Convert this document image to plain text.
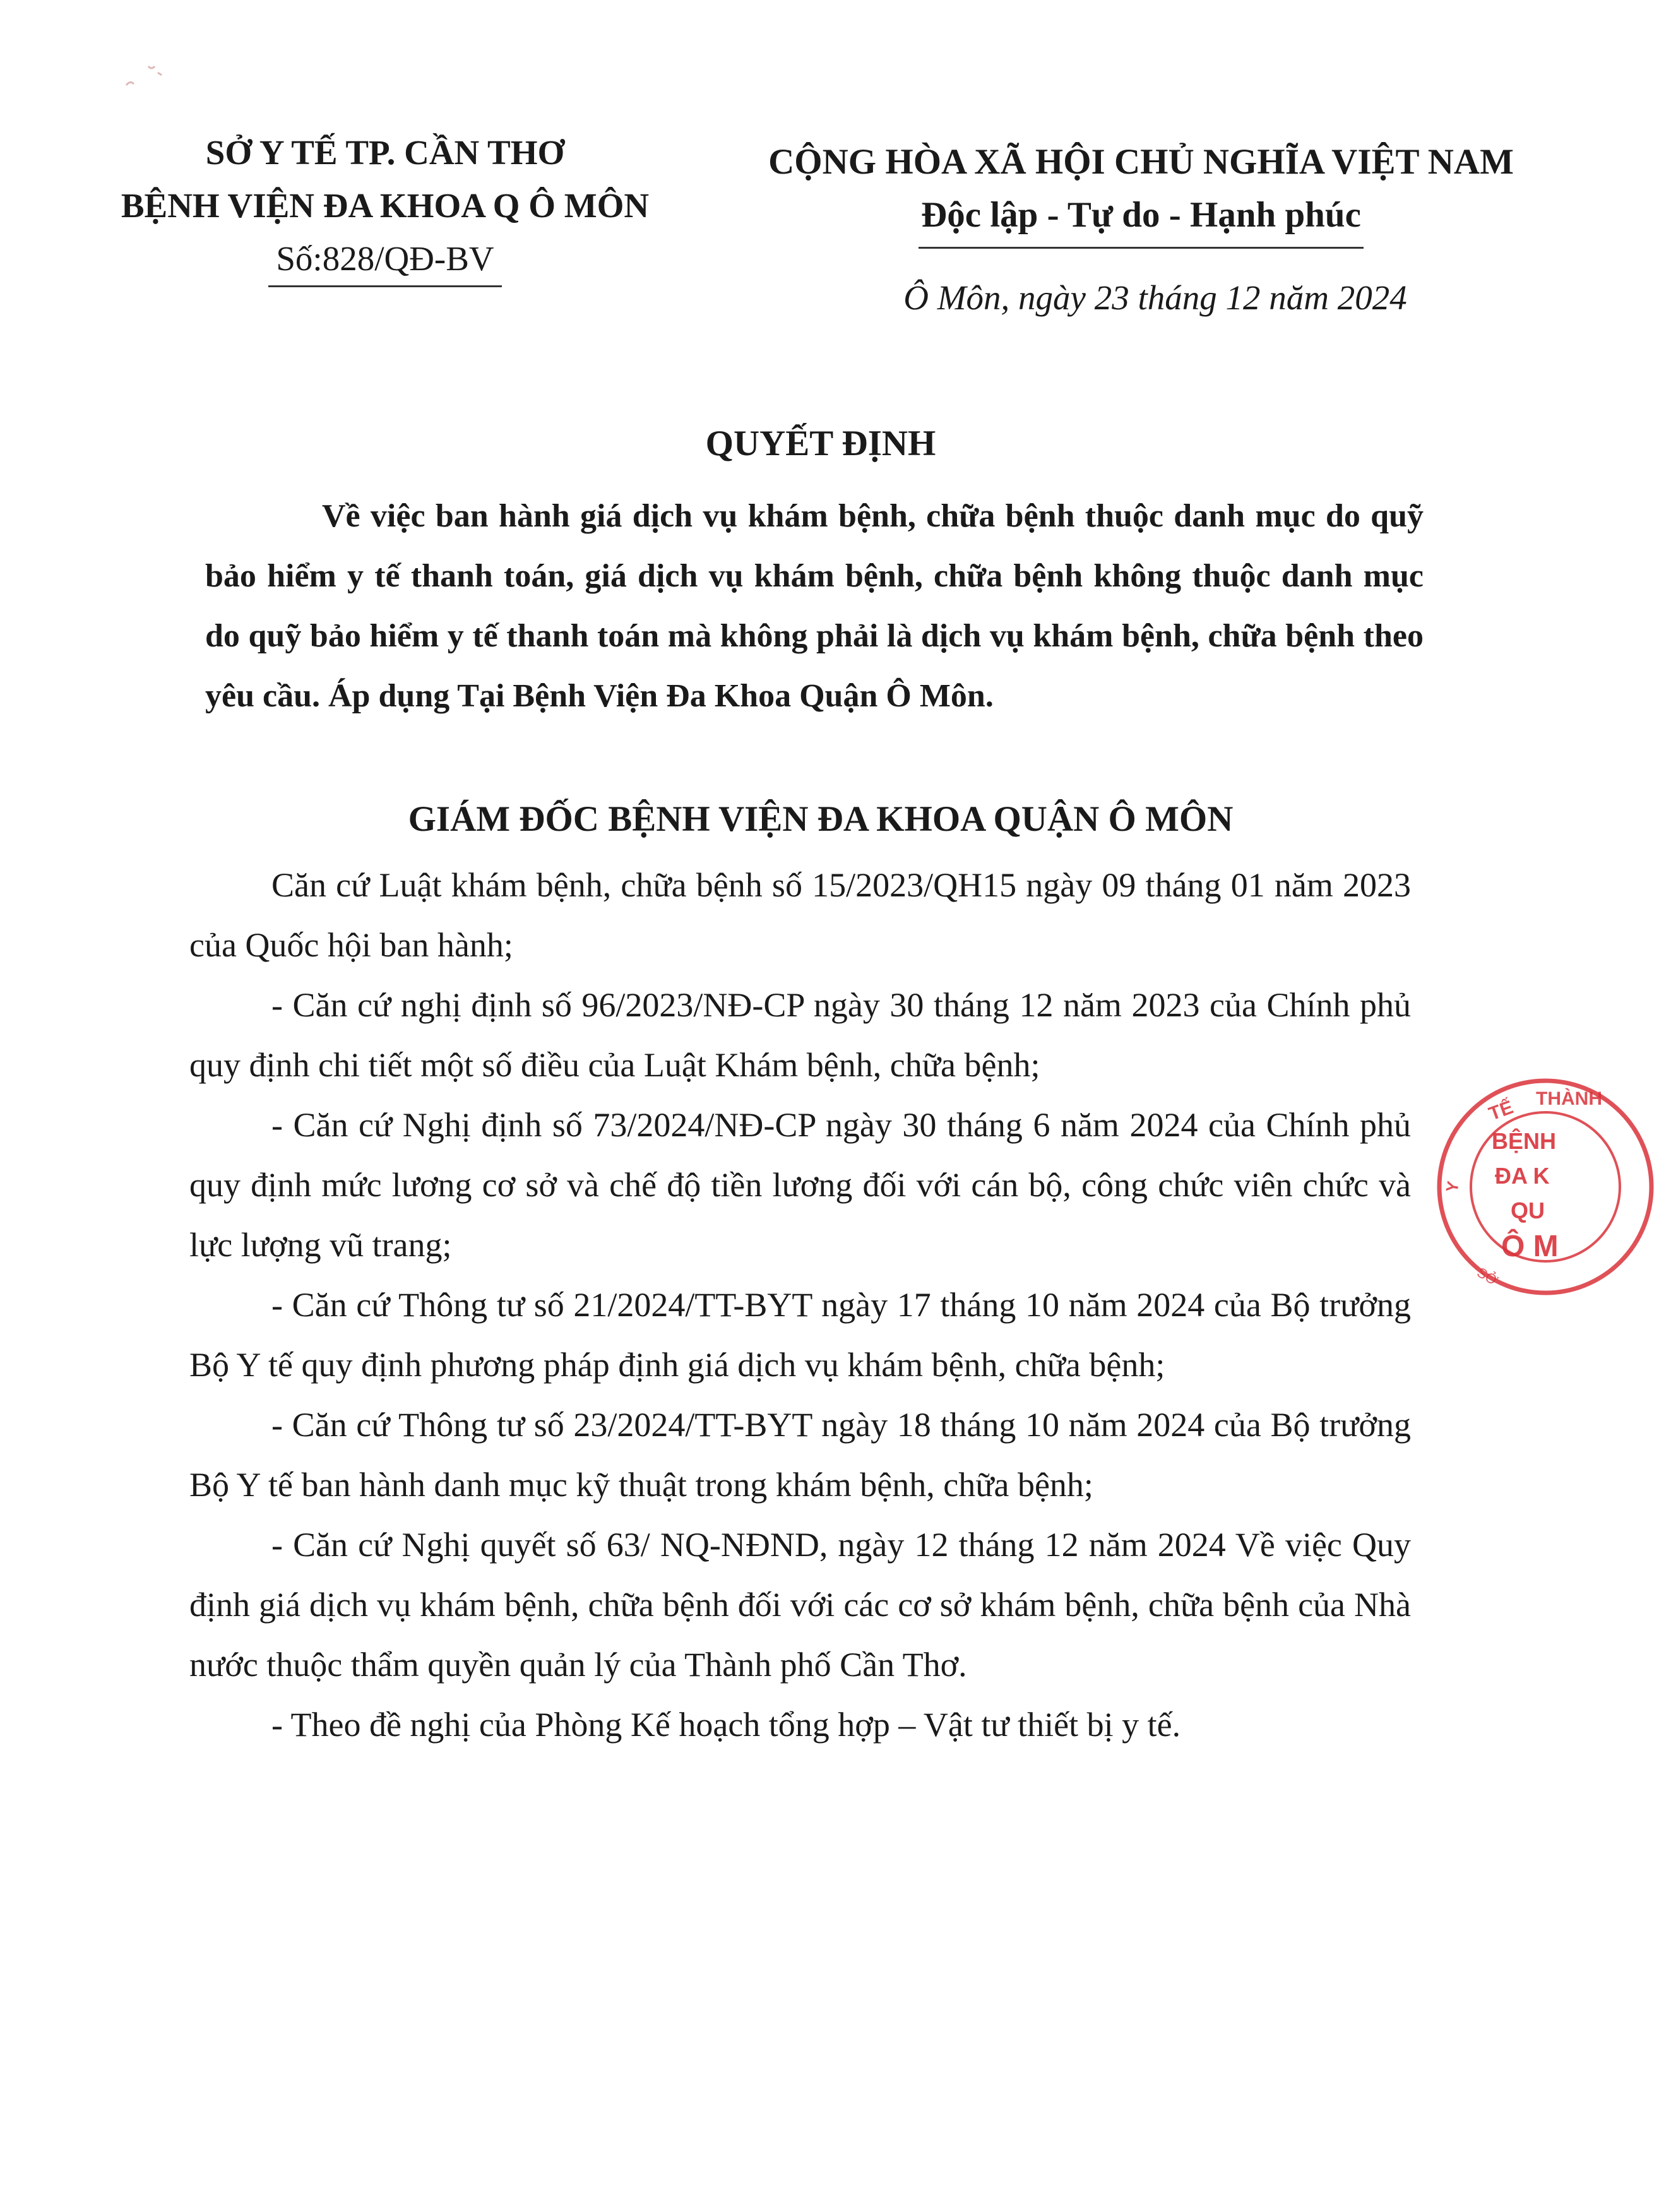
SỞ Y TẾ TP. CẦN THƠ
BỆNH VIỆN ĐA KHOA Q Ô MÔN
Số:828/QĐ-BV
CỘNG HÒA XÃ HỘI CHỦ NGHĨA VIỆT NAM
Độc lập - Tự do - Hạnh phúc
Ô Môn, ngày 23 tháng 12 năm 2024
QUYẾT ĐỊNH
Về việc ban hành giá dịch vụ khám bệnh, chữa bệnh thuộc danh mục do quỹ bảo hiểm y tế thanh toán, giá dịch vụ khám bệnh, chữa bệnh không thuộc danh mục do quỹ bảo hiểm y tế thanh toán mà không phải là dịch vụ khám bệnh, chữa bệnh theo yêu cầu. Áp dụng Tại Bệnh Viện Đa Khoa Quận Ô Môn.
GIÁM ĐỐC BỆNH VIỆN ĐA KHOA QUẬN Ô MÔN

Căn cứ Luật khám bệnh, chữa bệnh số 15/2023/QH15 ngày 09 tháng 01 năm 2023 của Quốc hội ban hành;

- Căn cứ nghị định số 96/2023/NĐ-CP ngày 30 tháng 12 năm 2023 của Chính phủ quy định chi tiết một số điều của Luật Khám bệnh, chữa bệnh;

- Căn cứ Nghị định số 73/2024/NĐ-CP ngày 30 tháng 6 năm 2024 của Chính phủ quy định mức lương cơ sở và chế độ tiền lương đối với cán bộ, công chức viên chức và lực lượng vũ trang;

- Căn cứ Thông tư số 21/2024/TT-BYT ngày 17 tháng 10 năm 2024 của Bộ trưởng Bộ Y tế quy định phương pháp định giá dịch vụ khám bệnh, chữa bệnh;

- Căn cứ Thông tư số 23/2024/TT-BYT ngày 18 tháng 10 năm 2024 của Bộ trưởng Bộ Y tế ban hành danh mục kỹ thuật trong khám bệnh, chữa bệnh;

- Căn cứ Nghị quyết số 63/ NQ-NĐND, ngày 12 tháng 12 năm 2024 Về việc Quy định giá dịch vụ khám bệnh, chữa bệnh đối với các cơ sở khám bệnh, chữa bệnh của Nhà nước thuộc thẩm quyền quản lý của Thành phố Cần Thơ.

- Theo đề nghị của Phòng Kế hoạch tổng hợp – Vật tư thiết bị y tế.

TẾ THÀNH
Y
BỆNH
ĐA K
QU
Ô M
SỞ
